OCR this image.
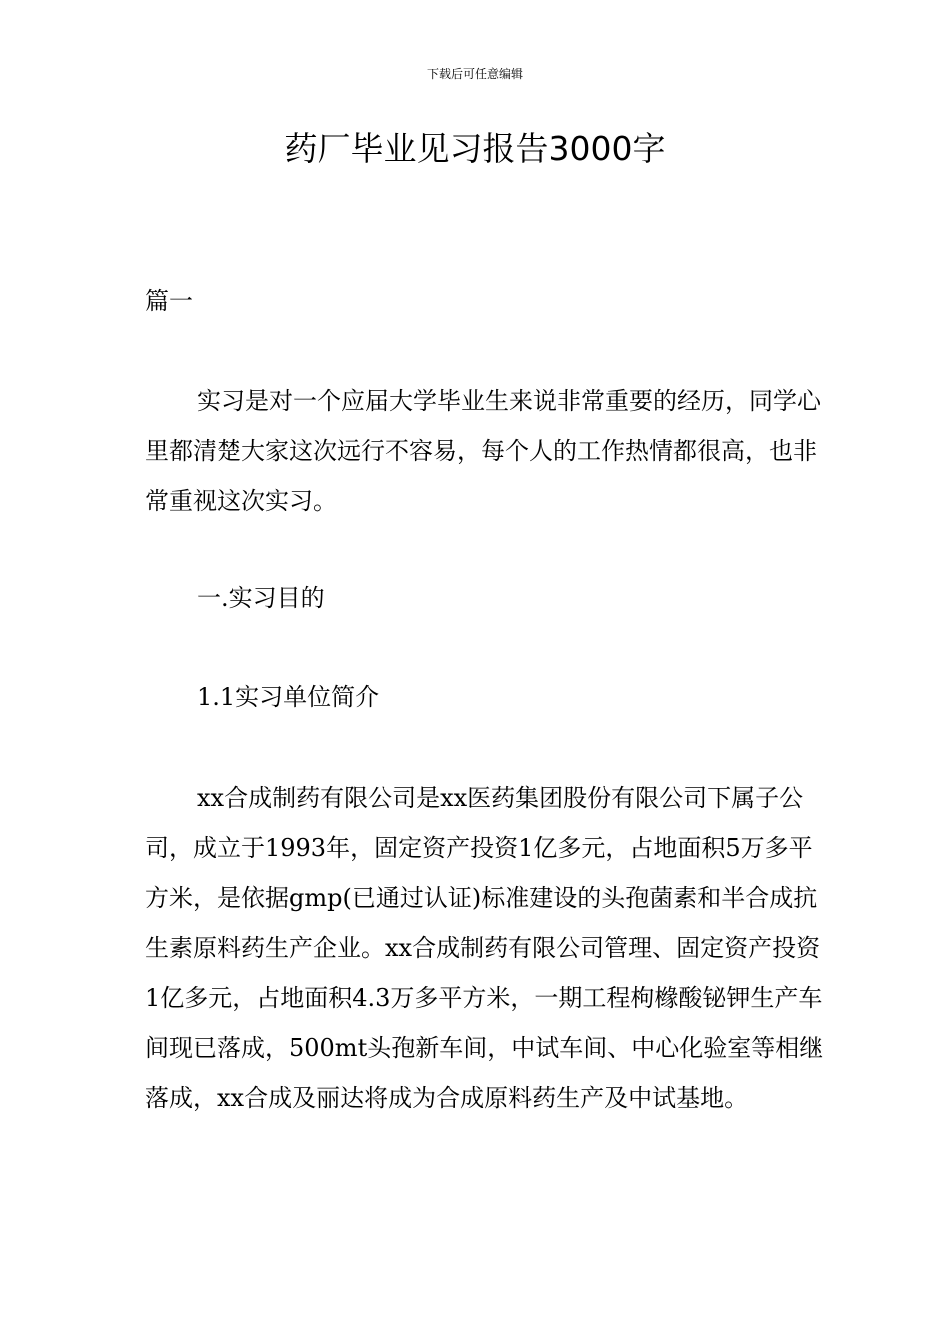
下载后可任意编辑
药厂毕业见习报告3000字
篇一

实习是对一个应届大学毕业生来说非常重要的经历，同学心里都清楚大家这次远行不容易，每个人的工作热情都很高，也非常重视这次实习。

一.实习目的
1.1实习单位简介

xx合成制药有限公司是xx医药集团股份有限公司下属子公司，成立于1993年，固定资产投资1亿多元，占地面积5万多平方米，是依据gmp(已通过认证)标准建设的头孢菌素和半合成抗生素原料药生产企业。xx合成制药有限公司管理、固定资产投资1亿多元，占地面积4.3万多平方米，一期工程枸橼酸铋钾生产车间现已落成，500mt头孢新车间，中试车间、中心化验室等相继落成，xx合成及丽达将成为合成原料药生产及中试基地。
